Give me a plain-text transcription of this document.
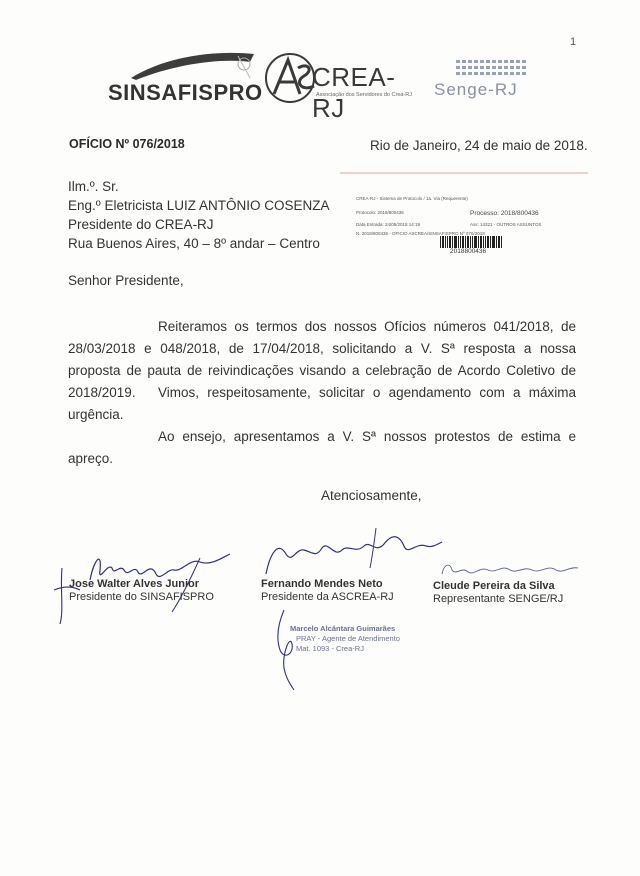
1
SINSAFISPRO
CREA-RJ
Associação dos Servidores do Crea-RJ Senge-RJ
OFÍCIO Nº 076/2018	Rio de Janeiro, 24 de maio de 2018.
Ilm.º. Sr.
Eng.º Eletricista LUIZ ANTÔNIO COSENZA
Presidente do CREA-RJ
Rua Buenos Aires, 40 – 8º andar – Centro
CREA-RJ - Sistema de Protocolo / 1a. Via (Requerente)
Protocolo: 2018/800436
Data Entrada: 24/05/2018 14:19
N. 2018/800436 - OFICIO ASCREA/SINSAFISPRO Nº 076/2018
Ass: 14321 - OUTROS ASSUNTOS
Processo: 2018/800436
2018800436
Senhor Presidente,
Reiteramos os termos dos nossos Ofícios números 041/2018, de 28/03/2018 e 048/2018, de 17/04/2018, solicitando a V. Sª resposta a nossa proposta de pauta de reivindicações visando a celebração de Acordo Coletivo de 2018/2019.	Vimos, respeitosamente, solicitar o agendamento com a máxima urgência.
Ao ensejo, apresentamos a V. Sª nossos protestos de estima e apreço.
Atenciosamente,
Jose Walter Alves Junior
Presidente do SINSAFISPRO
Fernando Mendes Neto
Presidente da ASCREA-RJ
Cleude Pereira da Silva
Representante SENGE/RJ
Marcelo Alcântara Guimarães
PRAY - Agente de Atendimento
Mat. 1093 - Crea-RJ
